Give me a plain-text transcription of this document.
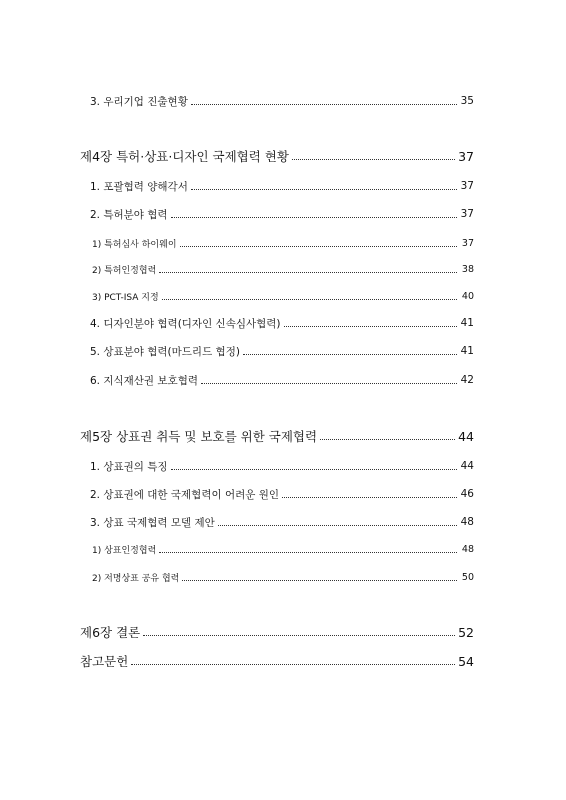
3. 우리기업 진출현황	35
제4장 특허·상표·디자인 국제협력 현황	37
1. 포괄협력 양해각서	37
2. 특허분야 협력	37
1) 특허심사 하이웨이	37
2) 특허인정협력	38
3) PCT-ISA 지정	40
4. 디자인분야 협력(디자인 신속심사협력)	41
5. 상표분야 협력(마드리드 협정)	41
6. 지식재산권 보호협력	42
제5장 상표권 취득 및 보호를 위한 국제협력	44
1. 상표권의 특징	44
2. 상표권에 대한 국제협력이 어려운 원인	46
3. 상표 국제협력 모델 제안	48
1) 상표인정협력	48
2) 저명상표 공유 협력	50
제6장 결론	52
참고문헌	54
